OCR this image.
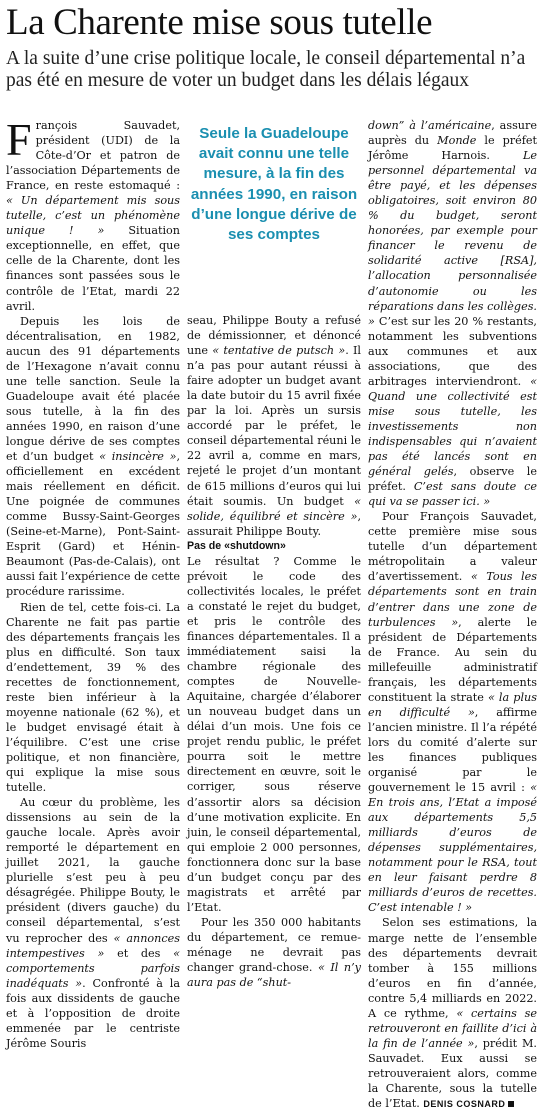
La Charente mise sous tutelle
A la suite d’une crise politique locale, le conseil départemental n’a pas été en mesure de voter un budget dans les délais légaux

François Sauvadet, président (UDI) de la Côte-d’Or et patron de l’association Départements de France, en reste estomaqué : « Un département mis sous tutelle, c’est un phénomène unique ! » Situation exceptionnelle, en effet, que celle de la Charente, dont les finances sont passées sous le contrôle de l’Etat, mardi 22 avril.

Depuis les lois de décentralisation, en 1982, aucun des 91 départements de l’Hexagone n’avait connu une telle sanction. Seule la Guadeloupe avait été placée sous tutelle, à la fin des années 1990, en raison d’une longue dérive de ses comptes et d’un budget « insincère », officiellement en excédent mais réellement en déficit. Une poignée de communes comme Bussy-Saint-Georges (Seine-et-Marne), Pont-Saint-Esprit (Gard) et Hénin-Beaumont (Pas-de-Calais), ont aussi fait l’expérience de cette procédure rarissime.

Rien de tel, cette fois-ci. La Charente ne fait pas partie des départements français les plus en difficulté. Son taux d’endettement, 39 % des recettes de fonctionnement, reste bien inférieur à la moyenne nationale (62 %), et le budget envisagé était à l’équilibre. C’est une crise politique, et non financière, qui explique la mise sous tutelle.

Au cœur du problème, les dissensions au sein de la gauche locale. Après avoir remporté le département en juillet 2021, la gauche plurielle s’est peu à peu désagrégée. Philippe Bouty, le président (divers gauche) du conseil départemental, s’est vu reprocher des « annonces intempestives » et des « comportements parfois inadéquats ». Confronté à la fois aux dissidents de gauche et à l’opposition de droite emmenée par le centriste Jérôme Souris

Seule la Guadeloupe avait connu une telle mesure, à la fin des années 1990, en raison d’une longue dérive de ses comptes

seau, Philippe Bouty a refusé de démissionner, et dénoncé une « tentative de putsch ». Il n’a pas pour autant réussi à faire adopter un budget avant la date butoir du 15 avril fixée par la loi. Après un sursis accordé par le préfet, le conseil départemental réuni le 22 avril a, comme en mars, rejeté le projet d’un montant de 615 millions d’euros qui lui était soumis. Un budget « solide, équilibré et sincère », assurait Philippe Bouty.

Pas de «shutdown»

Le résultat ? Comme le prévoit le code des collectivités locales, le préfet a constaté le rejet du budget, et pris le contrôle des finances départementales. Il a immédiatement saisi la chambre régionale des comptes de Nouvelle-Aquitaine, chargée d’élaborer un nouveau budget dans un délai d’un mois. Une fois ce projet rendu public, le préfet pourra soit le mettre directement en œuvre, soit le corriger, sous réserve d’assortir alors sa décision d’une motivation explicite. En juin, le conseil départemental, qui emploie 2 000 personnes, fonctionnera donc sur la base d’un budget conçu par des magistrats et arrêté par l’Etat.

Pour les 350 000 habitants du département, ce remue-ménage ne devrait pas changer grand-chose. « Il n’y aura pas de “shut-

down” à l’américaine, assure auprès du Monde le préfet Jérôme Harnois. Le personnel départemental va être payé, et les dépenses obligatoires, soit environ 80 % du budget, seront honorées, par exemple pour financer le revenu de solidarité active [RSA], l’allocation personnalisée d’autonomie ou les réparations dans les collèges. » C’est sur les 20 % restants, notamment les subventions aux communes et aux associations, que des arbitrages interviendront. « Quand une collectivité est mise sous tutelle, les investissements non indispensables qui n’avaient pas été lancés sont en général gelés, observe le préfet. C’est sans doute ce qui va se passer ici. »

Pour François Sauvadet, cette première mise sous tutelle d’un département métropolitain a valeur d’avertissement. « Tous les départements sont en train d’entrer dans une zone de turbulences », alerte le président de Départements de France. Au sein du millefeuille administratif français, les départements constituent la strate « la plus en difficulté », affirme l’ancien ministre. Il l’a répété lors du comité d’alerte sur les finances publiques organisé par le gouvernement le 15 avril : « En trois ans, l’Etat a imposé aux départements 5,5 milliards d’euros de dépenses supplémentaires, notamment pour le RSA, tout en leur faisant perdre 8 milliards d’euros de recettes. C’est intenable ! »

Selon ses estimations, la marge nette de l’ensemble des départements devrait tomber à 155 millions d’euros en fin d’année, contre 5,4 milliards en 2022. A ce rythme, « certains se retrouveront en faillite d’ici à la fin de l’année », prédit M. Sauvadet. Eux aussi se retrouveraient alors, comme la Charente, sous la tutelle de l’Etat. DENIS COSNARD
